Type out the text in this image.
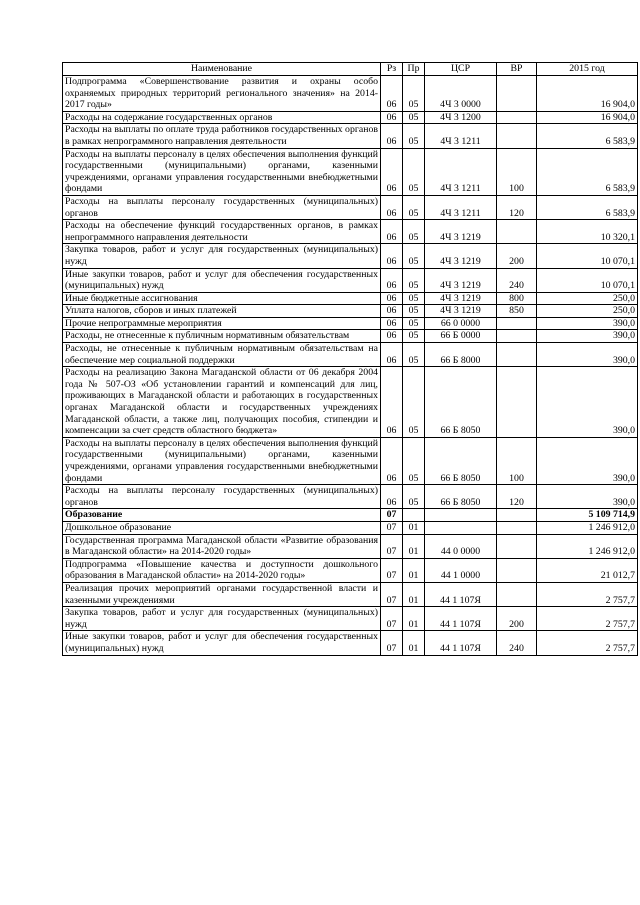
Наименование	Рз	Пр	ЦСР	ВР	2015 год
Подпрограмма «Совершенствование развития и охраны особо охраняемых природных территорий регионального значения» на 2014-2017 годы»	06	05	4Ч 3 0000		16 904,0
Расходы на содержание государственных органов	06	05	4Ч 3 1200		16 904,0
Расходы на выплаты по оплате труда работников государственных органов в рамках непрограммного направления деятельности	06	05	4Ч 3 1211		6 583,9
Расходы на выплаты персоналу в целях обеспечения выполнения функций государственными (муниципальными) органами, казенными учреждениями, органами управления государственными внебюджетными фондами	06	05	4Ч 3 1211	100	6 583,9
Расходы на выплаты персоналу государственных (муниципальных) органов	06	05	4Ч 3 1211	120	6 583,9
Расходы на обеспечение функций государственных органов, в рамках непрограммного направления деятельности	06	05	4Ч 3 1219		10 320,1
Закупка товаров, работ и услуг для государственных (муниципальных) нужд	06	05	4Ч 3 1219	200	10 070,1
Иные закупки товаров, работ и услуг для обеспечения государственных (муниципальных) нужд	06	05	4Ч 3 1219	240	10 070,1
Иные бюджетные ассигнования	06	05	4Ч 3 1219	800	250,0
Уплата налогов, сборов и иных платежей	06	05	4Ч 3 1219	850	250,0
Прочие непрограммные мероприятия	06	05	66 0 0000		390,0
Расходы, не отнесенные к публичным нормативным обязательствам	06	05	66 Б 0000		390,0
Расходы, не отнесенные к публичным нормативным обязательствам на обеспечение мер социальной поддержки	06	05	66 Б 8000		390,0
Расходы на реализацию Закона Магаданской области от 06 декабря 2004 года № 507-ОЗ «Об установлении гарантий и компенсаций для лиц, проживающих в Магаданской области и работающих в государственных органах Магаданской области и государственных учреждениях Магаданской области, а также лиц, получающих пособия, стипендии и компенсации за счет средств областного бюджета»	06	05	66 Б 8050		390,0
Расходы на выплаты персоналу в целях обеспечения выполнения функций государственными (муниципальными) органами, казенными учреждениями, органами управления государственными внебюджетными фондами	06	05	66 Б 8050	100	390,0
Расходы на выплаты персоналу государственных (муниципальных) органов	06	05	66 Б 8050	120	390,0
Образование	07				5 109 714,9
Дошкольное образование	07	01			1 246 912,0
Государственная программа Магаданской области «Развитие образования в Магаданской области» на 2014-2020 годы»	07	01	44 0 0000		1 246 912,0
Подпрограмма «Повышение качества и доступности дошкольного образования в Магаданской области» на 2014-2020 годы»	07	01	44 1 0000		21 012,7
Реализация прочих мероприятий органами государственной власти и казенными учреждениями	07	01	44 1 107Я		2 757,7
Закупка товаров, работ и услуг для государственных (муниципальных) нужд	07	01	44 1 107Я	200	2 757,7
Иные закупки товаров, работ и услуг для обеспечения государственных (муниципальных) нужд	07	01	44 1 107Я	240	2 757,7
